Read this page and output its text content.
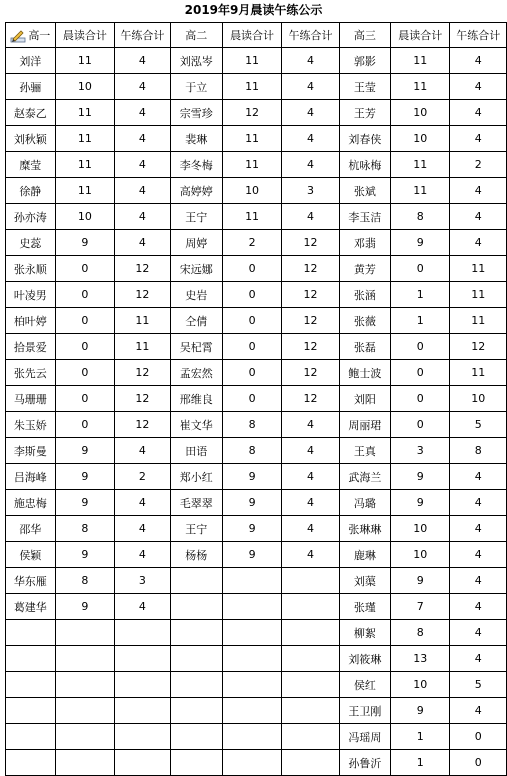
2019年9月晨读午练公示
高一	晨读合计	午练合计	高二	晨读合计	午练合计	高三	晨读合计	午练合计
刘洋	11	4	刘泓岑	11	4	郭影	11	4
孙骊	10	4	于立	11	4	王莹	11	4
赵泰乙	11	4	宗雪珍	12	4	王芳	10	4
刘秋颖	11	4	裴琳	11	4	刘春侠	10	4
糜莹	11	4	李冬梅	11	4	杭咏梅	11	2
徐静	11	4	高婷婷	10	3	张斌	11	4
孙亦涛	10	4	王宁	11	4	李玉洁	8	4
史蕊	9	4	周婷	2	12	邓翡	9	4
张永顺	0	12	宋远娜	0	12	黄芳	0	11
叶凌男	0	12	史岩	0	12	张涵	1	11
柏叶婷	0	11	仝倩	0	12	张薇	1	11
拾景爱	0	11	吴杞霄	0	12	张磊	0	12
张先云	0	12	孟宏然	0	12	鲍士波	0	11
马珊珊	0	12	邢维良	0	12	刘阳	0	10
朱玉娇	0	12	崔文华	8	4	周丽珺	0	5
李斯曼	9	4	田语	8	4	王真	3	8
吕海峰	9	2	郑小红	9	4	武海兰	9	4
施忠梅	9	4	毛翠翠	9	4	冯璐	9	4
邵华	8	4	王宁	9	4	张琳琳	10	4
侯颖	9	4	杨杨	9	4	鹿琳	10	4
华东雁	8	3				刘蕖	9	4
葛建华	9	4				张瑾	7	4
						柳絮	8	4
						刘筱琳	13	4
						侯红	10	5
						王卫刚	9	4
						冯瑶周	1	0
						孙鲁沂	1	0
